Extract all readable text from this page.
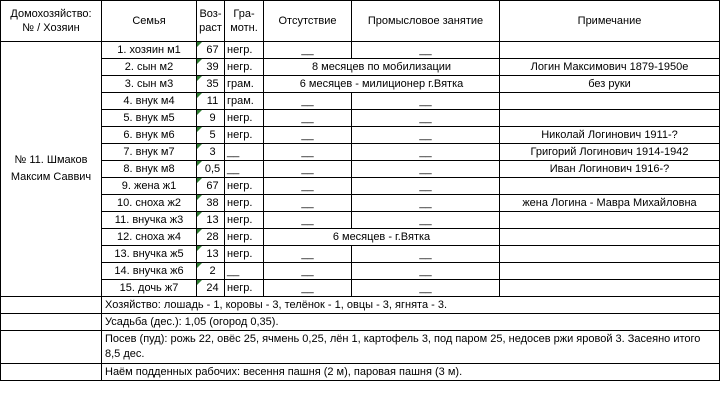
Домохозяйство: № / Хозяин	Семья	Воз-раст	Гра-мотн.	Отсутствие	Промысловое занятие	Примечание
№ 11. Шмаков Максим Саввич	1. хозяин м1	67	негр.	__	__	
	2. сын м2	39	негр.	8 месяцев по мобилизации		Логин Максимович 1879-1950е
	3. сын м3	35	грам.	6 месяцев - милиционер г.Вятка		без руки
	4. внук м4	11	грам.	__	__	
	5. внук м5	9	негр.	__	__	
	6. внук м6	5	негр.	__	__	Николай Логинович 1911-?
	7. внук м7	3	__	__	__	Григорий Логинович 1914-1942
	8. внук м8	0,5	__	__	__	Иван Логинович 1916-?
	9. жена ж1	67	негр.	__	__	
	10. сноха ж2	38	негр.	__	__	жена Логина - Мавра Михайловна
	11. внучка ж3	13	негр.	__	__	
	12. сноха ж4	28	негр.	6 месяцев - г.Вятка		
	13. внучка ж5	13	негр.	__	__	
	14. внучка ж6	2	__	__	__	
	15. дочь ж7	24	негр.	__	__	
	Хозяйство: лошадь - 1, коровы - 3, телёнок - 1, овцы - 3, ягнята - 3.					
	Усадьба (дес.): 1,05 (огород 0,35).					
	Посев (пуд): рожь 22, овёс 25, ячмень 0,25, лён 1, картофель 3, под паром 25, недосев ржи яровой 3. Засеяно итого 8,5 дес.					
	Наём подденных рабочих: весення пашня (2 м), паровая пашня (3 м).					
